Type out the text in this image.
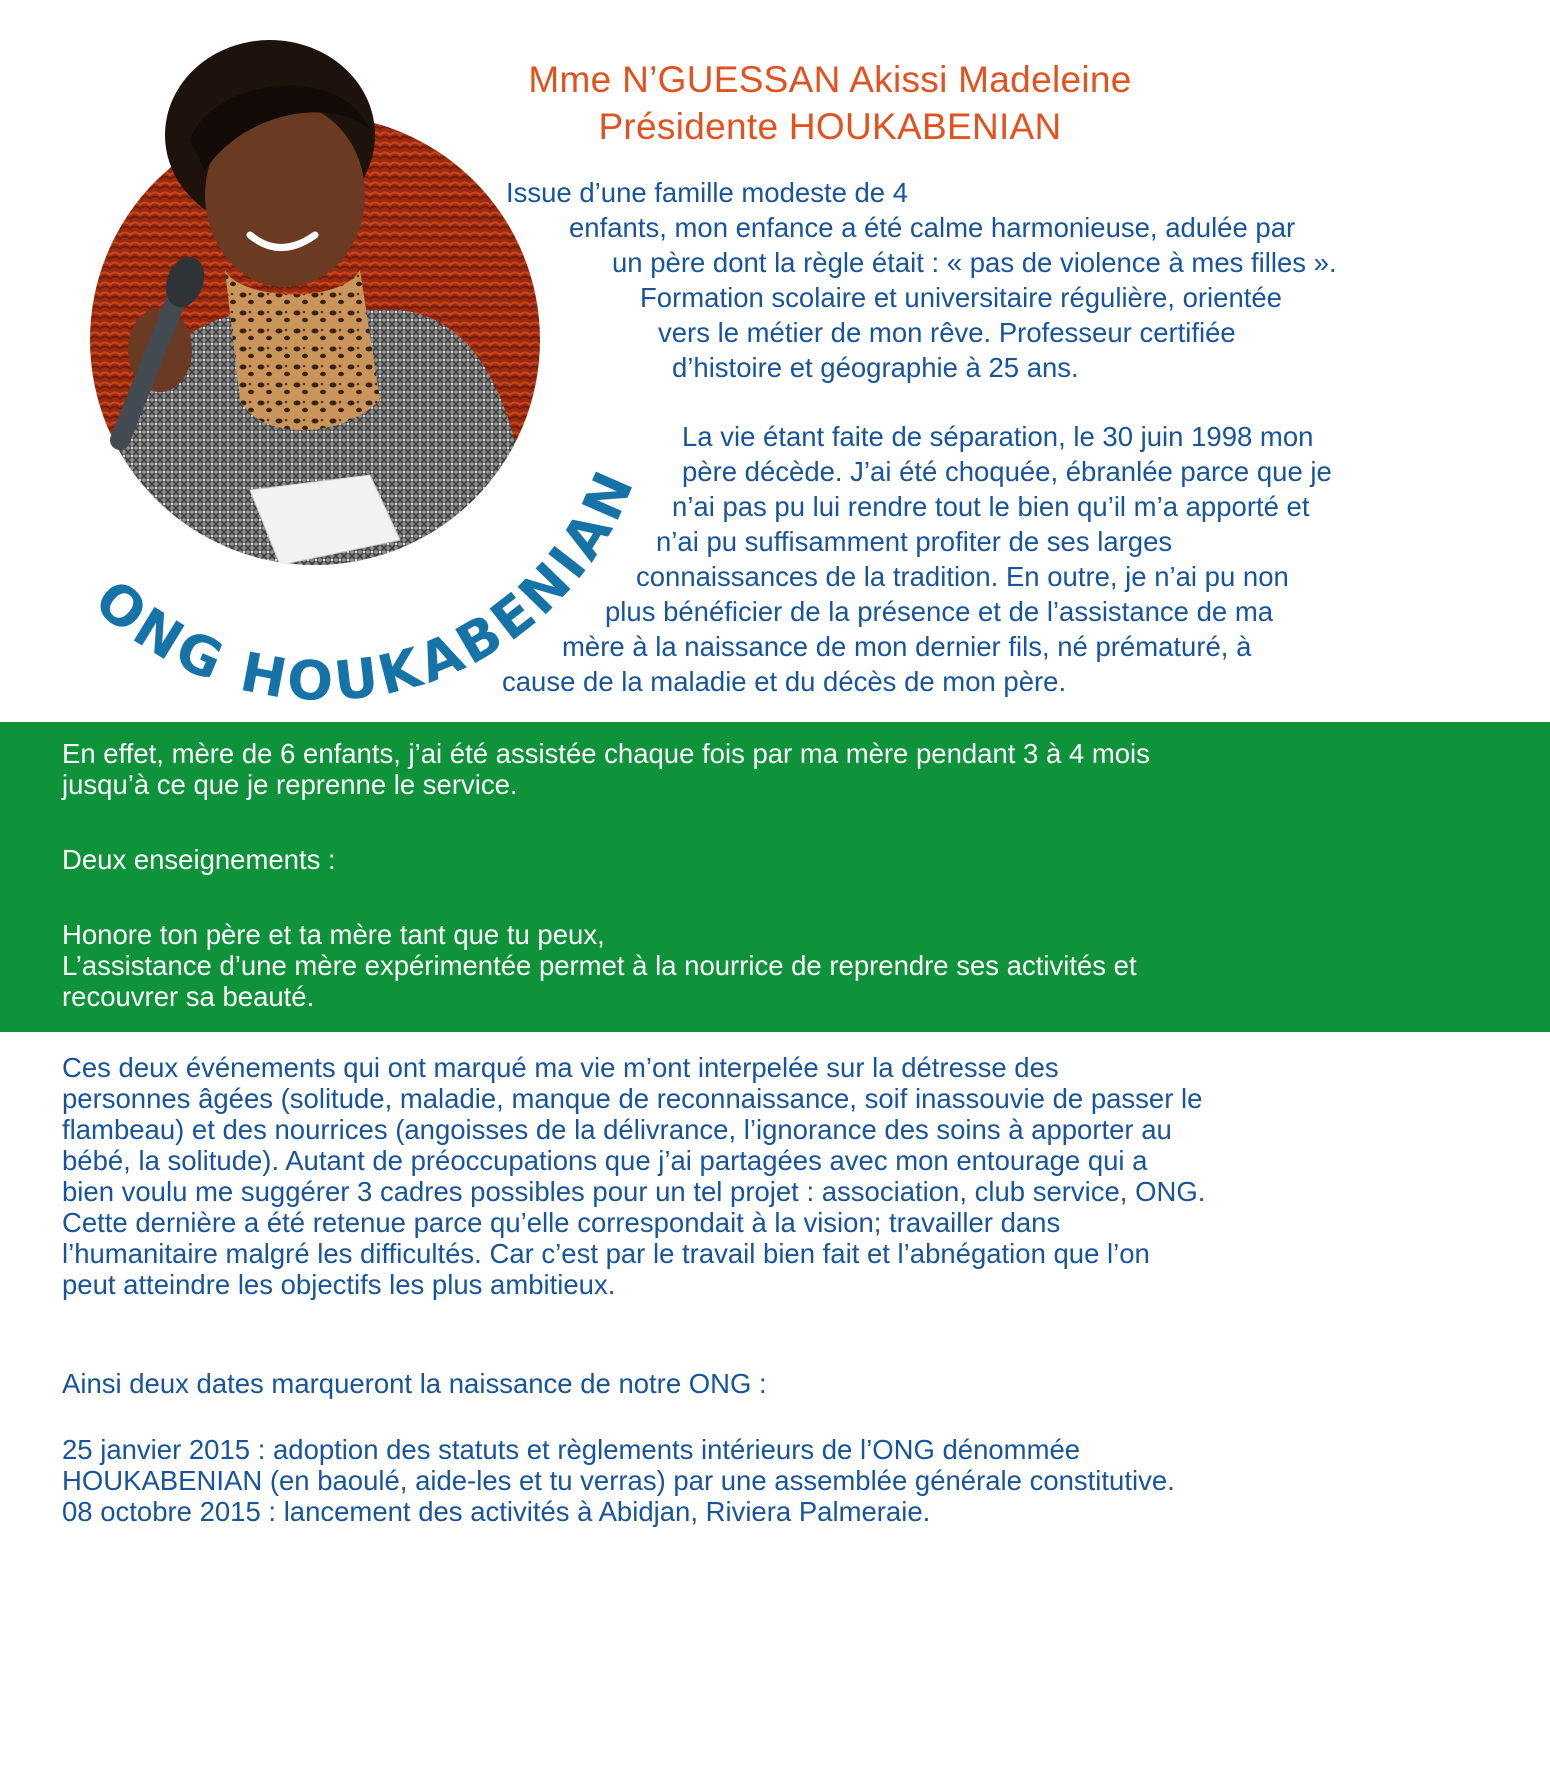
ONG HOUKABENIAN
Mme N’GUESSAN Akissi Madeleine
Présidente HOUKABENIAN
Issue d’une famille modeste de 4
enfants, mon enfance a été calme harmonieuse, adulée par
un père dont la règle était : « pas de violence à mes filles ».
Formation scolaire et universitaire régulière, orientée
vers le métier de mon rêve. Professeur certifiée
d’histoire et géographie à 25 ans.
La vie étant faite de séparation, le 30 juin 1998 mon
père décède. J’ai été choquée, ébranlée parce que je
n’ai pas pu lui rendre tout le bien qu’il m’a apporté et
n’ai pu suffisamment profiter de ses larges
connaissances de la tradition. En outre, je n’ai pu non
plus bénéficier de la présence et de l’assistance de ma
mère à la naissance de mon dernier fils, né prématuré, à
cause de la maladie et du décès de mon père.
En effet, mère de 6 enfants, j’ai été assistée chaque fois par ma mère pendant 3 à 4 mois
jusqu’à ce que je reprenne le service.
Deux enseignements :
Honore ton père et ta mère tant que tu peux,
L’assistance d’une mère expérimentée permet à la nourrice de reprendre ses activités et
recouvrer sa beauté.
Ces deux événements qui ont marqué ma vie m’ont interpelée sur la détresse des
personnes âgées (solitude, maladie, manque de reconnaissance, soif inassouvie de passer le
flambeau) et des nourrices (angoisses de la délivrance, l’ignorance des soins à apporter au
bébé, la solitude). Autant de préoccupations que j’ai partagées avec mon entourage qui a
bien voulu me suggérer 3 cadres possibles pour un tel projet : association, club service, ONG.
Cette dernière a été retenue parce qu’elle correspondait à la vision; travailler dans
l’humanitaire malgré les difficultés. Car c’est par le travail bien fait et l’abnégation que l’on
peut atteindre les objectifs les plus ambitieux.
Ainsi deux dates marqueront la naissance de notre ONG :
25 janvier 2015 : adoption des statuts et règlements intérieurs de l’ONG dénommée
HOUKABENIAN (en baoulé, aide-les et tu verras) par une assemblée générale constitutive.
08 octobre 2015 : lancement des activités à Abidjan, Riviera Palmeraie.
